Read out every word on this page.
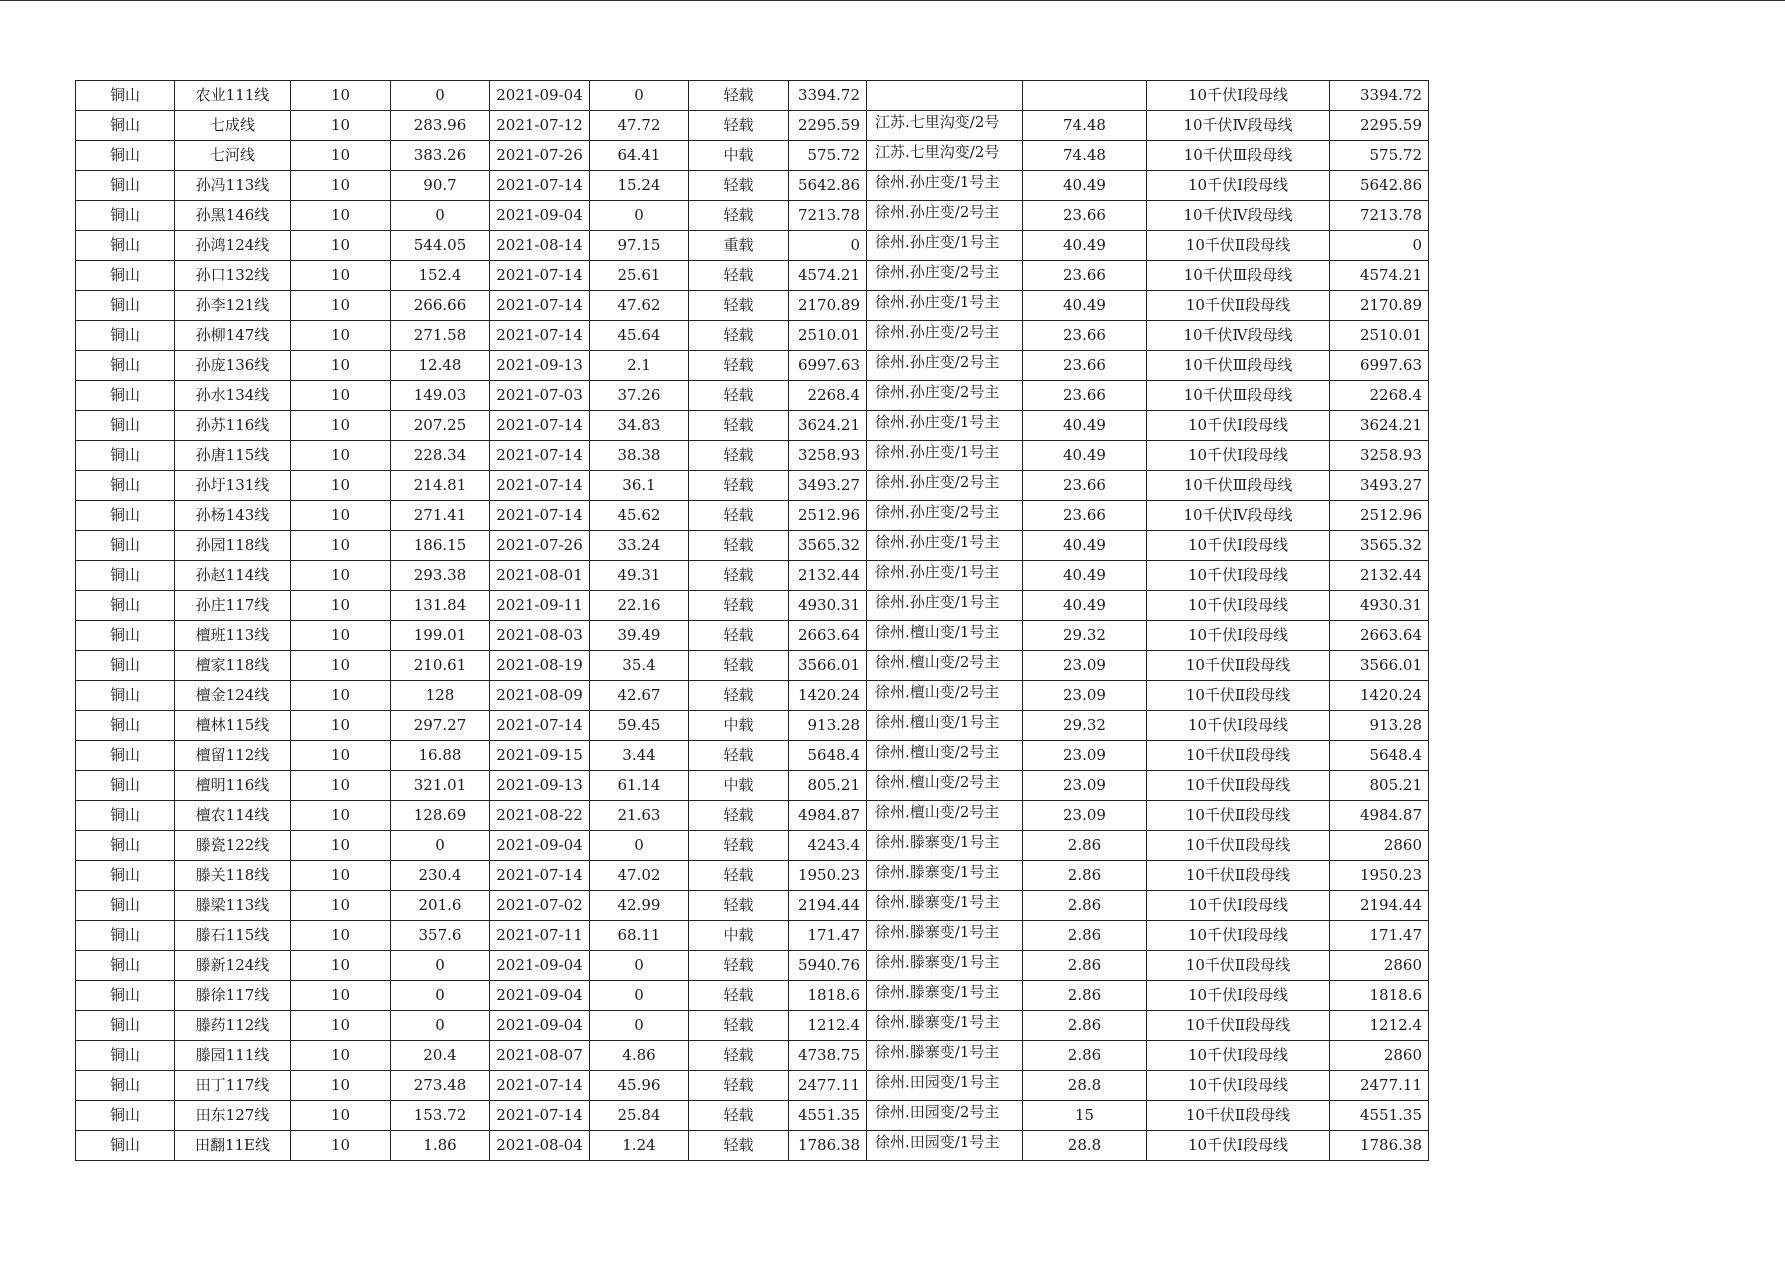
铜山	农业111线	10	0	2021-09-04	0	轻载	3394.72			10千伏Ⅰ段母线	3394.72
铜山	七成线	10	283.96	2021-07-12	47.72	轻载	2295.59	江苏.七里沟变/2号	74.48	10千伏Ⅳ段母线	2295.59
铜山	七河线	10	383.26	2021-07-26	64.41	中载	575.72	江苏.七里沟变/2号	74.48	10千伏Ⅲ段母线	575.72
铜山	孙冯113线	10	90.7	2021-07-14	15.24	轻载	5642.86	徐州.孙庄变/1号主	40.49	10千伏Ⅰ段母线	5642.86
铜山	孙黑146线	10	0	2021-09-04	0	轻载	7213.78	徐州.孙庄变/2号主	23.66	10千伏Ⅳ段母线	7213.78
铜山	孙鸿124线	10	544.05	2021-08-14	97.15	重载	0	徐州.孙庄变/1号主	40.49	10千伏Ⅱ段母线	0
铜山	孙口132线	10	152.4	2021-07-14	25.61	轻载	4574.21	徐州.孙庄变/2号主	23.66	10千伏Ⅲ段母线	4574.21
铜山	孙李121线	10	266.66	2021-07-14	47.62	轻载	2170.89	徐州.孙庄变/1号主	40.49	10千伏Ⅱ段母线	2170.89
铜山	孙柳147线	10	271.58	2021-07-14	45.64	轻载	2510.01	徐州.孙庄变/2号主	23.66	10千伏Ⅳ段母线	2510.01
铜山	孙庞136线	10	12.48	2021-09-13	2.1	轻载	6997.63	徐州.孙庄变/2号主	23.66	10千伏Ⅲ段母线	6997.63
铜山	孙水134线	10	149.03	2021-07-03	37.26	轻载	2268.4	徐州.孙庄变/2号主	23.66	10千伏Ⅲ段母线	2268.4
铜山	孙苏116线	10	207.25	2021-07-14	34.83	轻载	3624.21	徐州.孙庄变/1号主	40.49	10千伏Ⅰ段母线	3624.21
铜山	孙唐115线	10	228.34	2021-07-14	38.38	轻载	3258.93	徐州.孙庄变/1号主	40.49	10千伏Ⅰ段母线	3258.93
铜山	孙圩131线	10	214.81	2021-07-14	36.1	轻载	3493.27	徐州.孙庄变/2号主	23.66	10千伏Ⅲ段母线	3493.27
铜山	孙杨143线	10	271.41	2021-07-14	45.62	轻载	2512.96	徐州.孙庄变/2号主	23.66	10千伏Ⅳ段母线	2512.96
铜山	孙园118线	10	186.15	2021-07-26	33.24	轻载	3565.32	徐州.孙庄变/1号主	40.49	10千伏Ⅰ段母线	3565.32
铜山	孙赵114线	10	293.38	2021-08-01	49.31	轻载	2132.44	徐州.孙庄变/1号主	40.49	10千伏Ⅰ段母线	2132.44
铜山	孙庄117线	10	131.84	2021-09-11	22.16	轻载	4930.31	徐州.孙庄变/1号主	40.49	10千伏Ⅰ段母线	4930.31
铜山	檀班113线	10	199.01	2021-08-03	39.49	轻载	2663.64	徐州.檀山变/1号主	29.32	10千伏Ⅰ段母线	2663.64
铜山	檀家118线	10	210.61	2021-08-19	35.4	轻载	3566.01	徐州.檀山变/2号主	23.09	10千伏Ⅱ段母线	3566.01
铜山	檀金124线	10	128	2021-08-09	42.67	轻载	1420.24	徐州.檀山变/2号主	23.09	10千伏Ⅱ段母线	1420.24
铜山	檀林115线	10	297.27	2021-07-14	59.45	中载	913.28	徐州.檀山变/1号主	29.32	10千伏Ⅰ段母线	913.28
铜山	檀留112线	10	16.88	2021-09-15	3.44	轻载	5648.4	徐州.檀山变/2号主	23.09	10千伏Ⅱ段母线	5648.4
铜山	檀明116线	10	321.01	2021-09-13	61.14	中载	805.21	徐州.檀山变/2号主	23.09	10千伏Ⅱ段母线	805.21
铜山	檀农114线	10	128.69	2021-08-22	21.63	轻载	4984.87	徐州.檀山变/2号主	23.09	10千伏Ⅱ段母线	4984.87
铜山	滕瓷122线	10	0	2021-09-04	0	轻载	4243.4	徐州.滕寨变/1号主	2.86	10千伏Ⅱ段母线	2860
铜山	滕关118线	10	230.4	2021-07-14	47.02	轻载	1950.23	徐州.滕寨变/1号主	2.86	10千伏Ⅱ段母线	1950.23
铜山	滕梁113线	10	201.6	2021-07-02	42.99	轻载	2194.44	徐州.滕寨变/1号主	2.86	10千伏Ⅰ段母线	2194.44
铜山	滕石115线	10	357.6	2021-07-11	68.11	中载	171.47	徐州.滕寨变/1号主	2.86	10千伏Ⅰ段母线	171.47
铜山	滕新124线	10	0	2021-09-04	0	轻载	5940.76	徐州.滕寨变/1号主	2.86	10千伏Ⅱ段母线	2860
铜山	滕徐117线	10	0	2021-09-04	0	轻载	1818.6	徐州.滕寨变/1号主	2.86	10千伏Ⅰ段母线	1818.6
铜山	滕药112线	10	0	2021-09-04	0	轻载	1212.4	徐州.滕寨变/1号主	2.86	10千伏Ⅱ段母线	1212.4
铜山	滕园111线	10	20.4	2021-08-07	4.86	轻载	4738.75	徐州.滕寨变/1号主	2.86	10千伏Ⅰ段母线	2860
铜山	田丁117线	10	273.48	2021-07-14	45.96	轻载	2477.11	徐州.田园变/1号主	28.8	10千伏Ⅰ段母线	2477.11
铜山	田东127线	10	153.72	2021-07-14	25.84	轻载	4551.35	徐州.田园变/2号主	15	10千伏Ⅱ段母线	4551.35
铜山	田翻11E线	10	1.86	2021-08-04	1.24	轻载	1786.38	徐州.田园变/1号主	28.8	10千伏Ⅰ段母线	1786.38
